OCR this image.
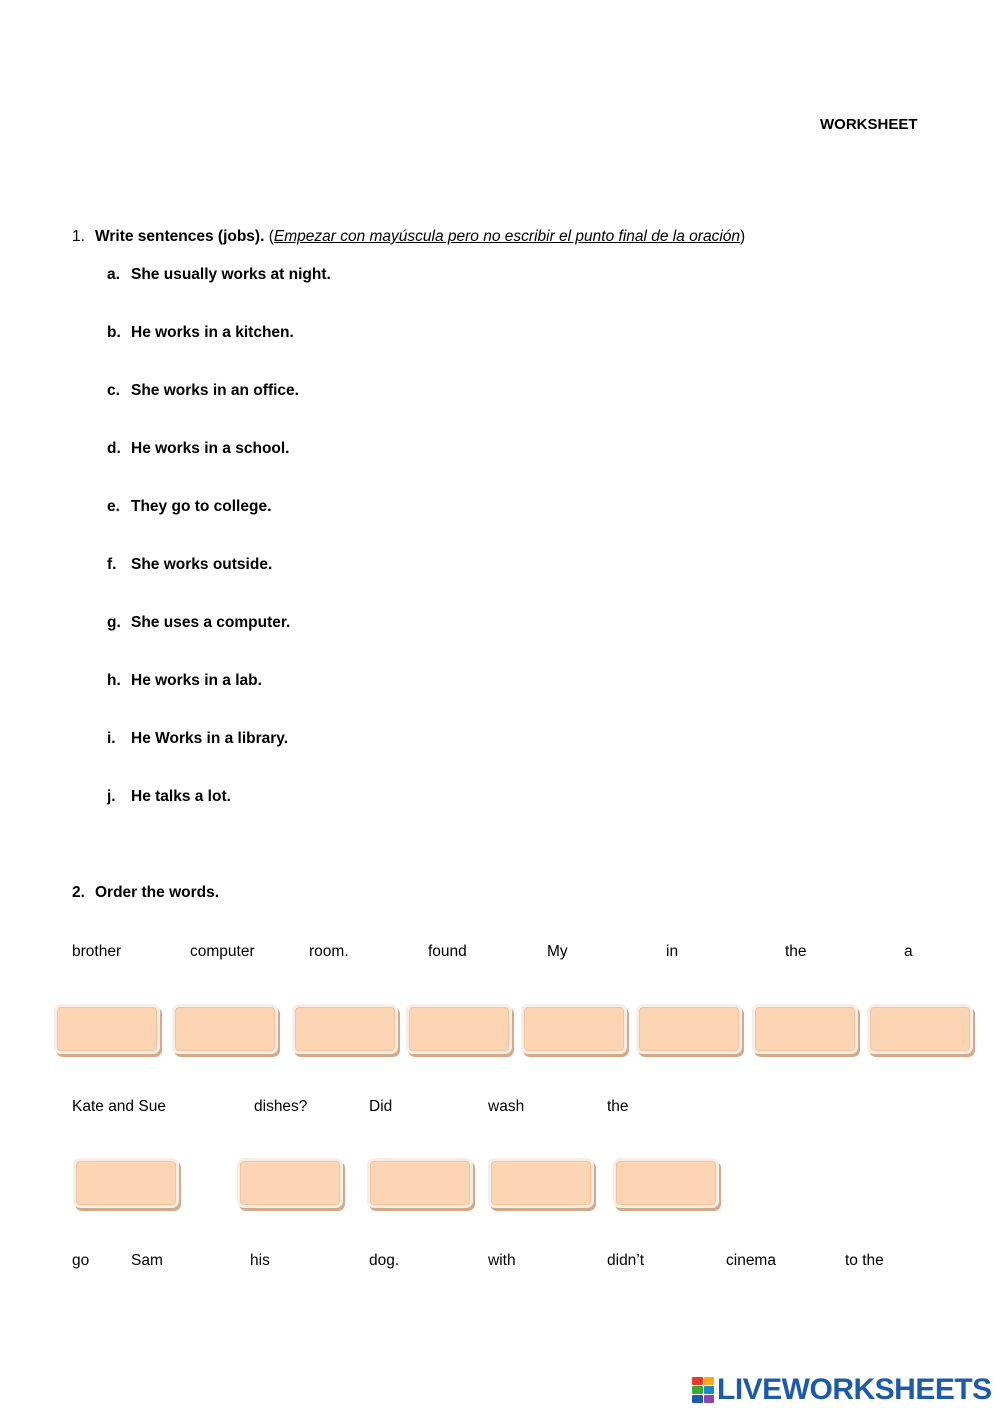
WORKSHEET
1. Write sentences (jobs). (Empezar con mayúscula pero no escribir el punto final de la oración)
a. She usually works at night.
b. He works in a kitchen.
c. She works in an office.
d. He works in a school.
e. They go to college.
f. She works outside.
g. She uses a computer.
h. He works in a lab.
i. He Works in a library.
j. He talks a lot.
2. Order the words.
brother	computer	room.	found	My	in	the	a
Kate and Sue	dishes?	Did	wash	the
go	Sam	his	dog.	with	didn’t	cinema	to the
LIVEWORKSHEETS
